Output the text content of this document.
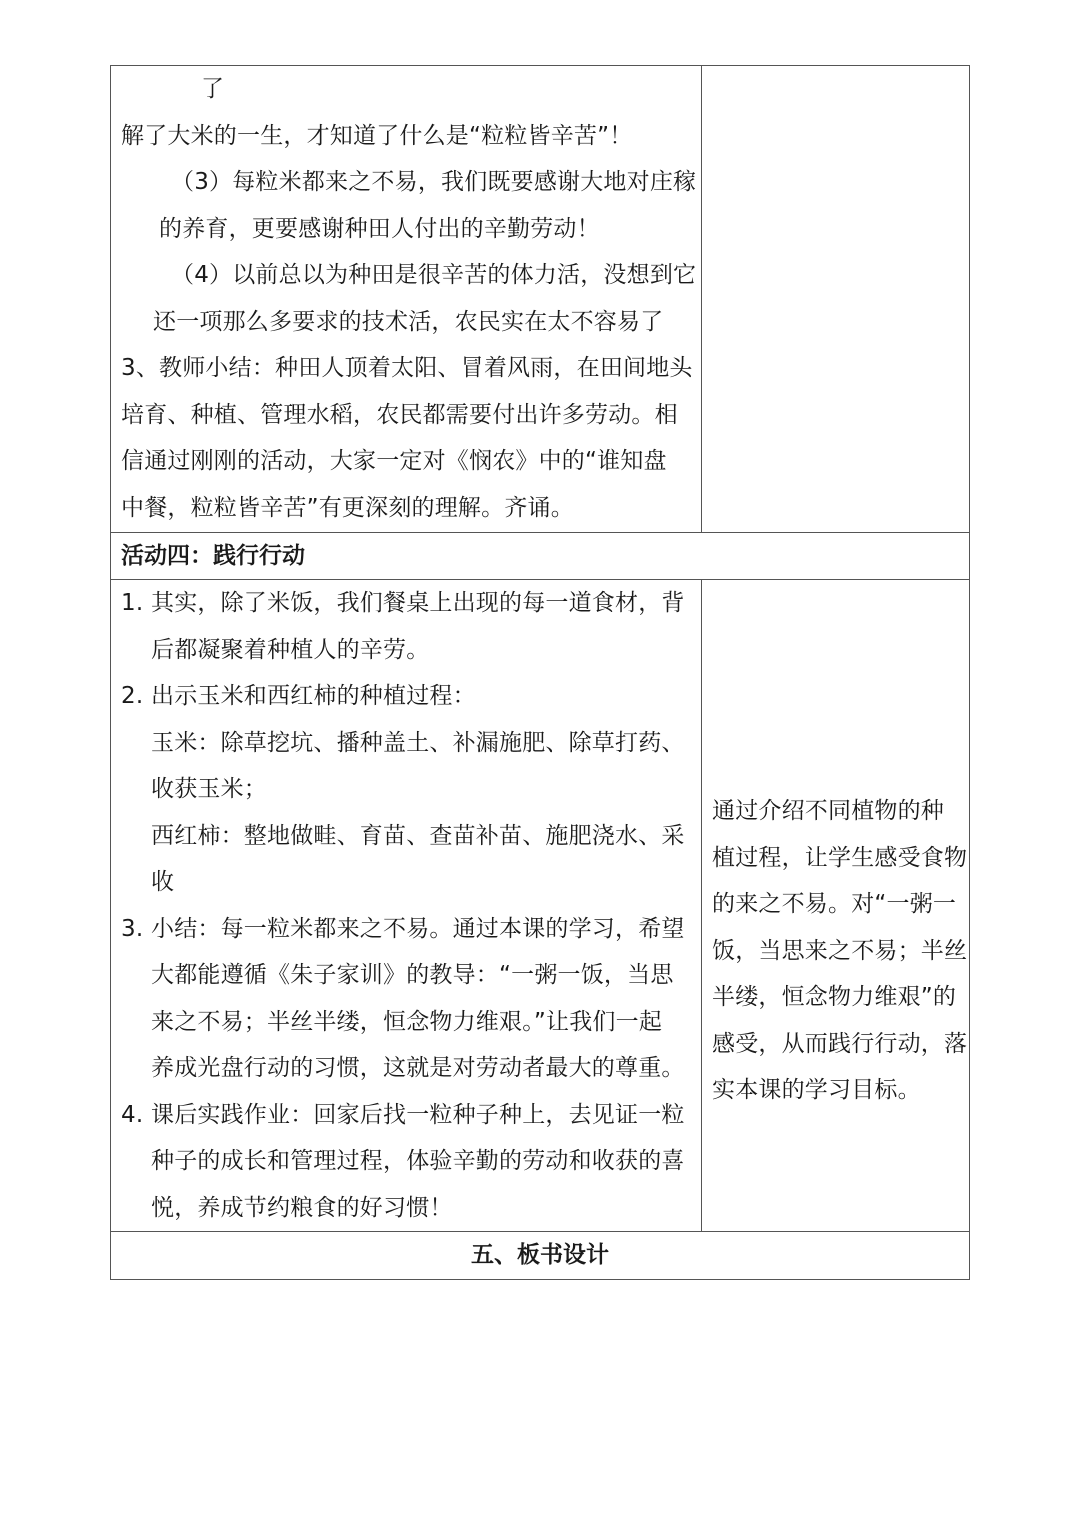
了
解了大米的一生，才知道了什么是“粒粒皆辛苦”！
（3）每粒米都来之不易，我们既要感谢大地对庄稼
的养育，更要感谢种田人付出的辛勤劳动！
（4）以前总以为种田是很辛苦的体力活，没想到它
还一项那么多要求的技术活，农民实在太不容易了
3、教师小结：种田人顶着太阳、冒着风雨，在田间地头
培育、种植、管理水稻，农民都需要付出许多劳动。相
信通过刚刚的活动，大家一定对《悯农》中的“谁知盘
中餐，粒粒皆辛苦”有更深刻的理解。齐诵。
活动四：践行行动
1. 其实，除了米饭，我们餐桌上出现的每一道食材，背
后都凝聚着种植人的辛劳。
2. 出示玉米和西红柿的种植过程：
玉米：除草挖坑、播种盖土、补漏施肥、除草打药、
收获玉米；
西红柿：整地做畦、育苗、查苗补苗、施肥浇水、采
收
3. 小结：每一粒米都来之不易。通过本课的学习，希望
大都能遵循《朱子家训》的教导：“一粥一饭，当思
来之不易；半丝半缕，恒念物力维艰。”让我们一起
养成光盘行动的习惯，这就是对劳动者最大的尊重。
4. 课后实践作业：回家后找一粒种子种上，去见证一粒
种子的成长和管理过程，体验辛勤的劳动和收获的喜
悦，养成节约粮食的好习惯！
通过介绍不同植物的种
植过程，让学生感受食物
的来之不易。对“一粥一
饭，当思来之不易；半丝
半缕，恒念物力维艰”的
感受，从而践行行动，落
实本课的学习目标。
五、板书设计
